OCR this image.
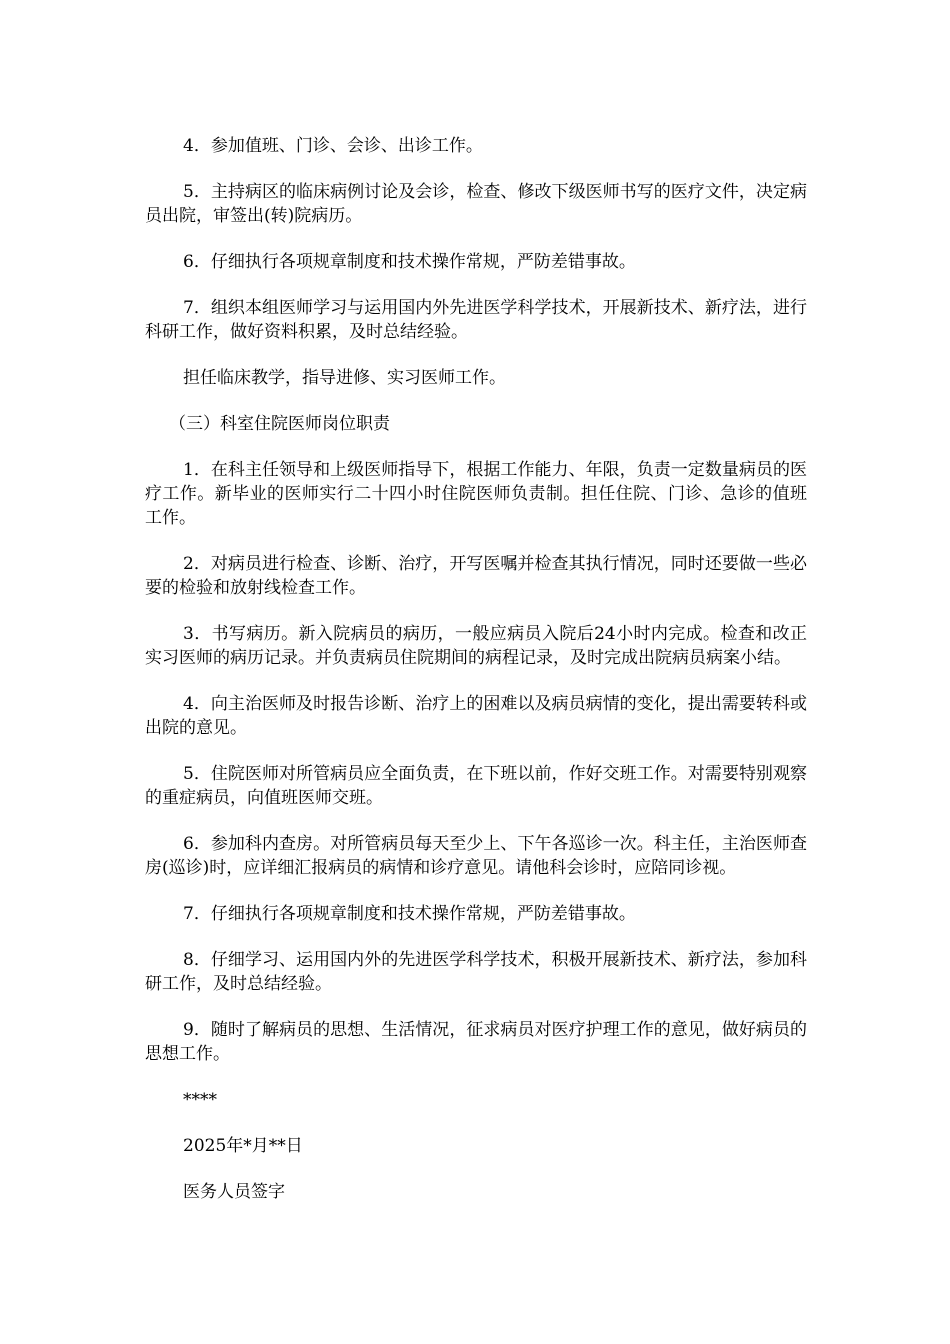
4．参加值班、门诊、会诊、出诊工作。

5．主持病区的临床病例讨论及会诊，检查、修改下级医师书写的医疗文件，决定病员出院，审签出(转)院病历。

6．仔细执行各项规章制度和技术操作常规，严防差错事故。

7．组织本组医师学习与运用国内外先进医学科学技术，开展新技术、新疗法，进行科研工作，做好资料积累，及时总结经验。

担任临床教学，指导进修、实习医师工作。

（三）科室住院医师岗位职责

1．在科主任领导和上级医师指导下，根据工作能力、年限，负责一定数量病员的医疗工作。新毕业的医师实行二十四小时住院医师负责制。担任住院、门诊、急诊的值班工作。

2．对病员进行检查、诊断、治疗，开写医嘱并检查其执行情况，同时还要做一些必要的检验和放射线检查工作。

3．书写病历。新入院病员的病历，一般应病员入院后24小时内完成。检查和改正实习医师的病历记录。并负责病员住院期间的病程记录，及时完成出院病员病案小结。

4．向主治医师及时报告诊断、治疗上的困难以及病员病情的变化，提出需要转科或出院的意见。

5．住院医师对所管病员应全面负责，在下班以前，作好交班工作。对需要特别观察的重症病员，向值班医师交班。

6．参加科内查房。对所管病员每天至少上、下午各巡诊一次。科主任，主治医师查房(巡诊)时，应详细汇报病员的病情和诊疗意见。请他科会诊时，应陪同诊视。

7．仔细执行各项规章制度和技术操作常规，严防差错事故。

8．仔细学习、运用国内外的先进医学科学技术，积极开展新技术、新疗法，参加科研工作，及时总结经验。

9．随时了解病员的思想、生活情况，征求病员对医疗护理工作的意见，做好病员的思想工作。

****

2025年*月**日

医务人员签字
